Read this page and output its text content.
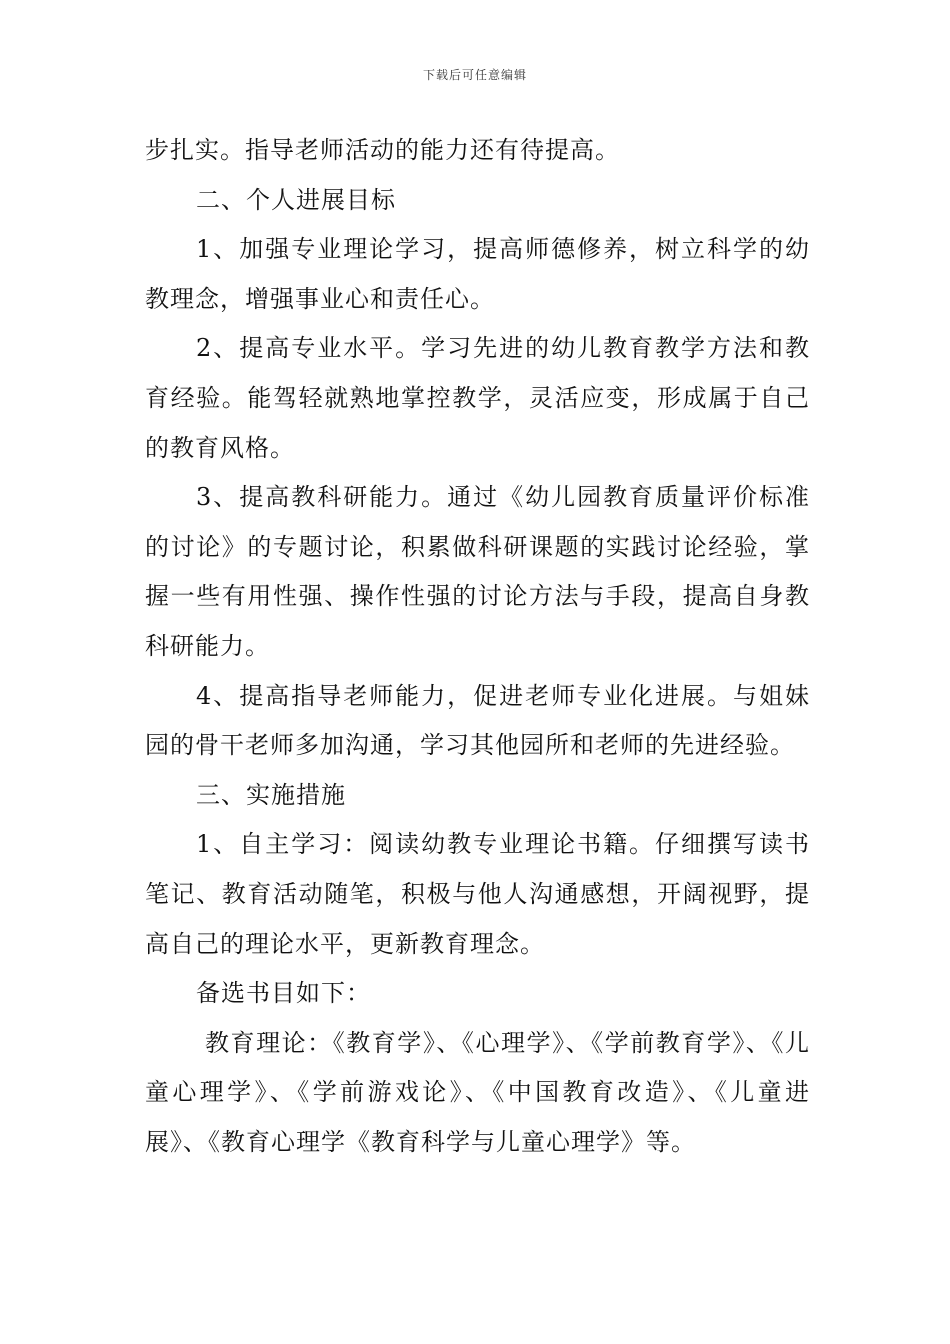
下载后可任意编辑

步扎实。指导老师活动的能力还有待提高。

二、个人进展目标

1、加强专业理论学习，提高师德修养，树立科学的幼教理念，增强事业心和责任心。

2、提高专业水平。学习先进的幼儿教育教学方法和教育经验。能驾轻就熟地掌控教学，灵活应变，形成属于自己的教育风格。

3、提高教科研能力。通过《幼儿园教育质量评价标准的讨论》的专题讨论，积累做科研课题的实践讨论经验，掌握一些有用性强、操作性强的讨论方法与手段，提高自身教科研能力。

4、提高指导老师能力，促进老师专业化进展。与姐妹园的骨干老师多加沟通，学习其他园所和老师的先进经验。

三、实施措施

1、自主学习：阅读幼教专业理论书籍。仔细撰写读书笔记、教育活动随笔，积极与他人沟通感想，开阔视野，提高自己的理论水平，更新教育理念。

备选书目如下：

教育理论：《教育学》、《心理学》、《学前教育学》、《儿童心理学》、《学前游戏论》、《中国教育改造》、《儿童进展》、《教育心理学《教育科学与儿童心理学》等。
